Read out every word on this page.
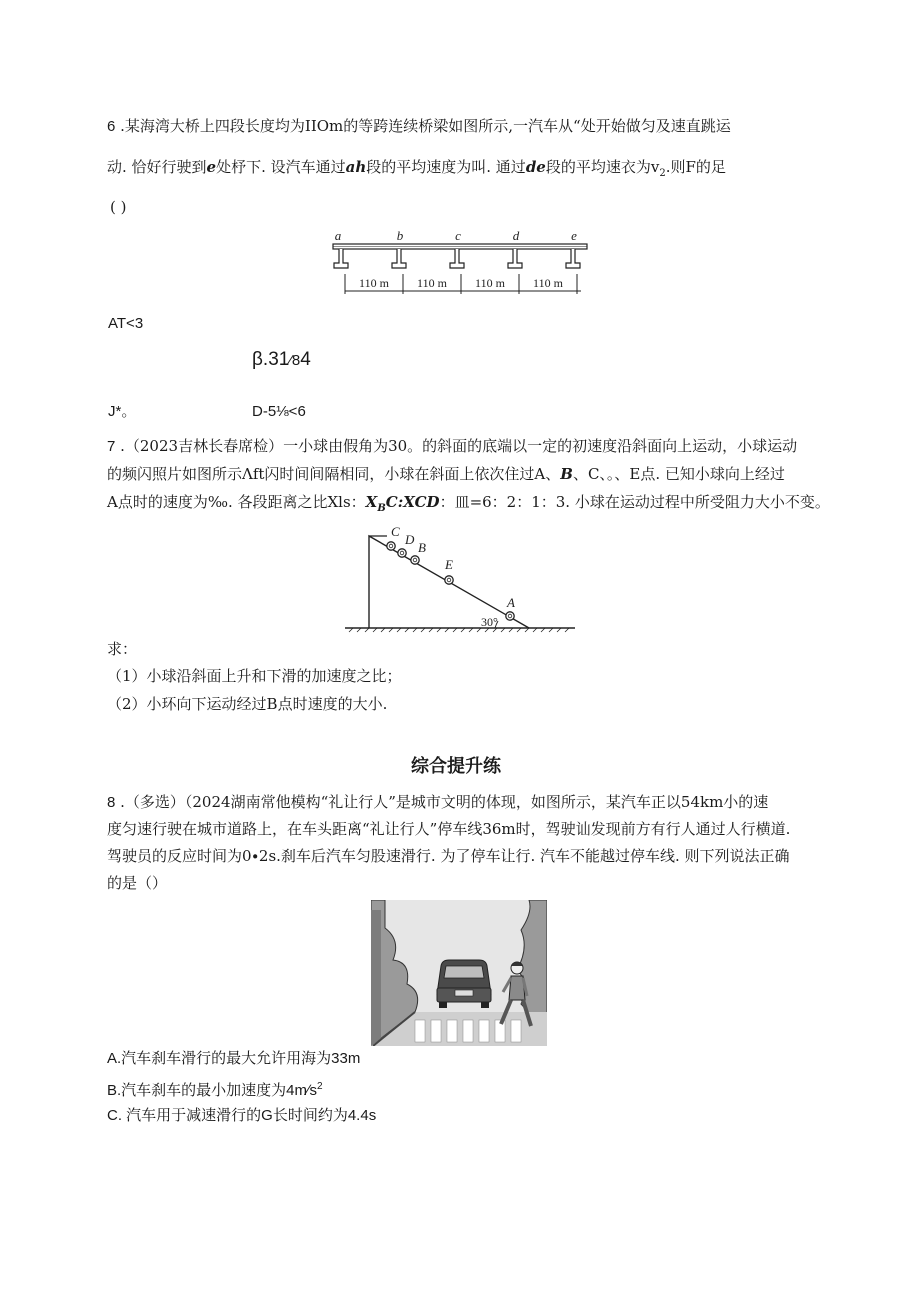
6 .某海湾大桥上四段长度均为IIOm的等跨连续桥梁如图所示,一汽车从“处开始做匀及速直跳运
动. 恰好行驶到e处杼下. 设汽车通过ah段的平均速度为叫. 通过de段的平均速衣为$v_2$.则F的足
( )
a	b	c	d	e
110 m 110 m 110 m 110 m
AT<3
β.31⁄84
J*。	D-5⅛<6
7 .（2023吉林长春席检）一小球由假角为30。的斜面的底端以一定的初速度沿斜面向上运动，小球运动
的频闪照片如图所示Λft闪时间间隔相同，小球在斜面上依次住过A、B、C、。、E点. 已知小球向上经过
A点时的速度为‰. 各段距离之比Xls：$X_BC:XCD$：皿=6：2：1：3. 小球在运动过程中所受阻力大小不变。
C
D
B
E
A
30°
求：
（1）小球沿斜面上升和下滑的加速度之比；
（2）小环向下运动经过B点时速度的大小.
综合提升练
8 .（多选）（2024湖南常他模构“礼让行人”是城市文明的体现，如图所示，某汽车正以54km小的速
度匀速行驶在城市道路上，在车头距离“礼让行人”停车线36m时，驾驶讪发现前方有行人通过人行横道.
驾驶员的反应时间为0∙2s.刹车后汽车匀股速滑行. 为了停车让行. 汽车不能越过停车线. 则下列说法正确
的是（）
A.汽车刹车滑行的最大允许用海为33m
B.汽车刹车的最小加速度为$4m∕s^2$
C. 汽车用于减速滑行的G长时间约为4.4s
